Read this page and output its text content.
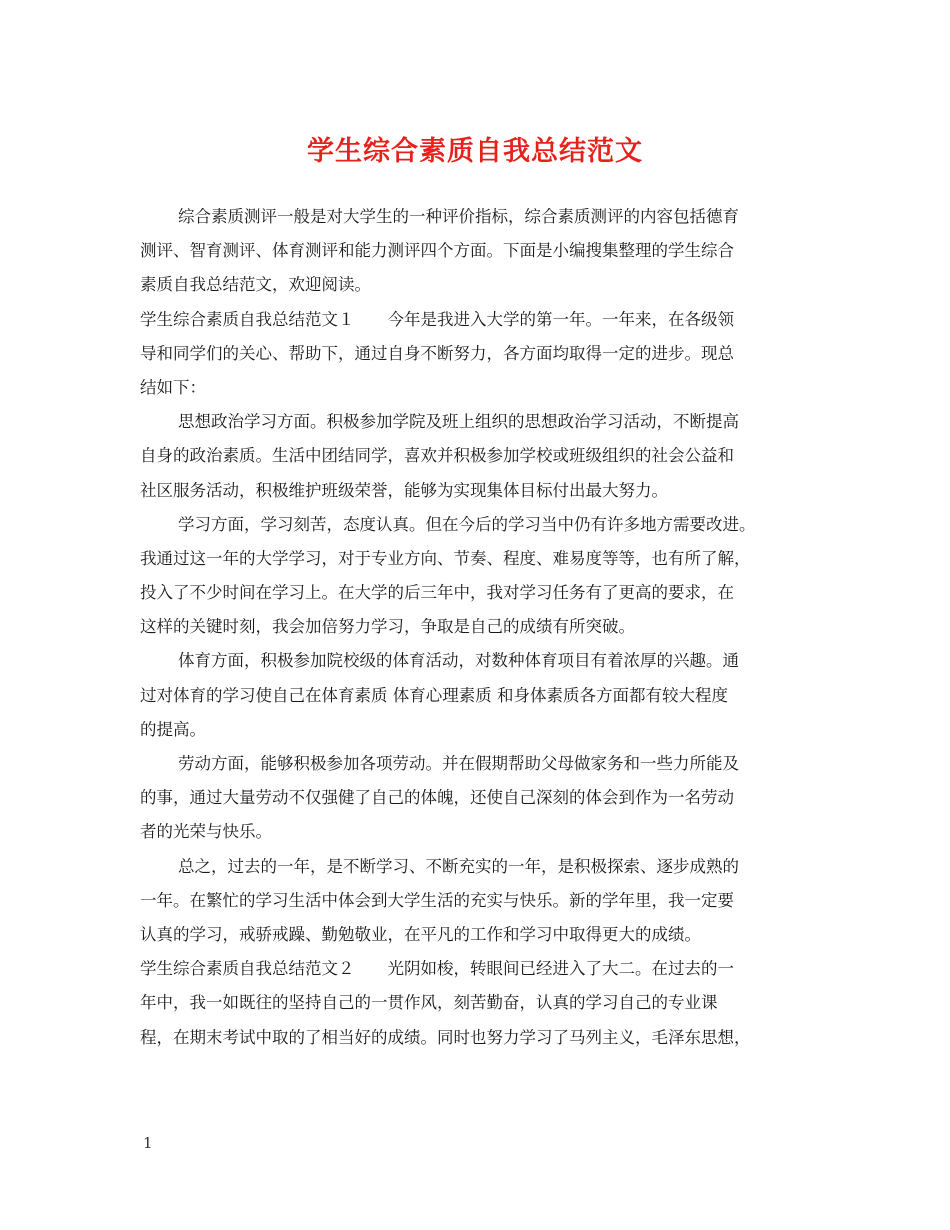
学生综合素质自我总结范文
综合素质测评一般是对大学生的一种评价指标，综合素质测评的内容包括德育
测评、智育测评、体育测评和能力测评四个方面。下面是小编搜集整理的学生综合
素质自我总结范文，欢迎阅读。
学生综合素质自我总结范文１　　今年是我进入大学的第一年。一年来，在各级领
导和同学们的关心、帮助下，通过自身不断努力，各方面均取得一定的进步。现总
结如下：
思想政治学习方面。积极参加学院及班上组织的思想政治学习活动，不断提高
自身的政治素质。生活中团结同学，喜欢并积极参加学校或班级组织的社会公益和
社区服务活动，积极维护班级荣誉，能够为实现集体目标付出最大努力。
学习方面，学习刻苦，态度认真。但在今后的学习当中仍有许多地方需要改进。
我通过这一年的大学学习，对于专业方向、节奏、程度、难易度等等，也有所了解，
投入了不少时间在学习上。在大学的后三年中，我对学习任务有了更高的要求，在
这样的关键时刻，我会加倍努力学习，争取是自己的成绩有所突破。
体育方面，积极参加院校级的体育活动，对数种体育项目有着浓厚的兴趣。通
过对体育的学习使自己在体育素质 体育心理素质 和身体素质各方面都有较大程度
的提高。
劳动方面，能够积极参加各项劳动。并在假期帮助父母做家务和一些力所能及
的事，通过大量劳动不仅强健了自己的体魄，还使自己深刻的体会到作为一名劳动
者的光荣与快乐。
总之，过去的一年，是不断学习、不断充实的一年，是积极探索、逐步成熟的
一年。在繁忙的学习生活中体会到大学生活的充实与快乐。新的学年里，我一定要
认真的学习，戒骄戒躁、勤勉敬业，在平凡的工作和学习中取得更大的成绩。
学生综合素质自我总结范文２　　光阴如梭，转眼间已经进入了大二。在过去的一
年中，我一如既往的坚持自己的一贯作风，刻苦勤奋，认真的学习自己的专业课
程，在期末考试中取的了相当好的成绩。同时也努力学习了马列主义，毛泽东思想，
1
